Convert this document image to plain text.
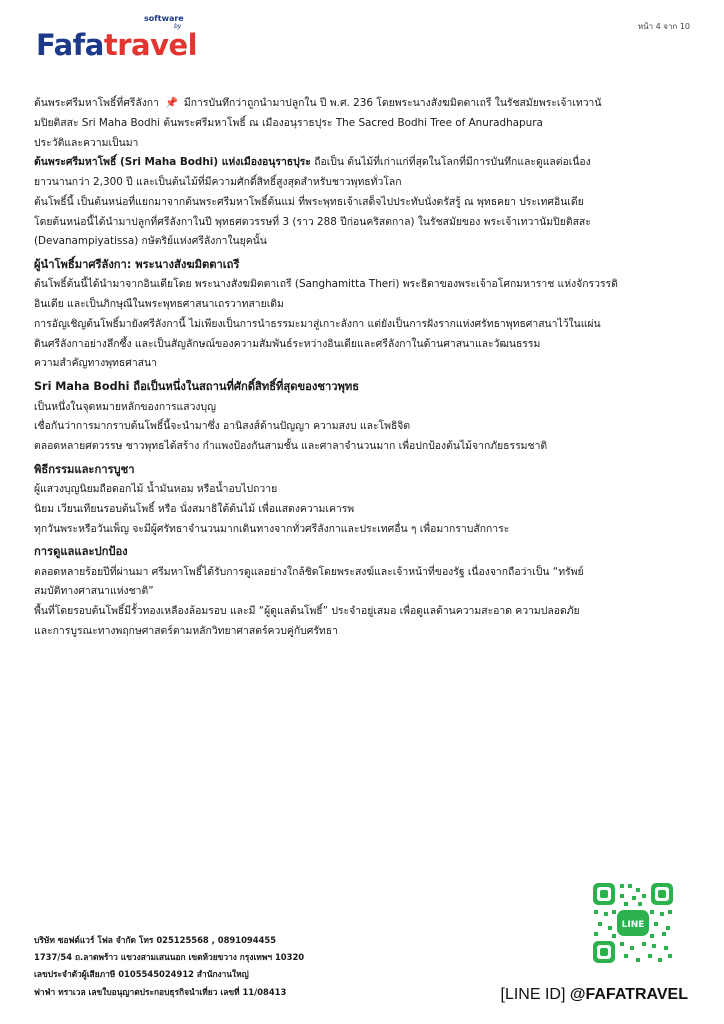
หน้า 4 จาก 10
software
by
Fafatravel

ต้นพระศรีมหาโพธิ์ที่ศรีลังกา 📌 มีการบันทึกว่าถูกนำมาปลูกใน ปี พ.ศ. 236 โดยพระนางสังฆมิตตาเถรี ในรัชสมัยพระเจ้าเทวานั

มปิยติสสะ Sri Maha Bodhi ต้นพระศรีมหาโพธิ์ ณ เมืองอนุราธปุระ The Sacred Bodhi Tree of Anuradhapura

ประวัติและความเป็นมา

ต้นพระศรีมหาโพธิ์ (Sri Maha Bodhi) แห่งเมืองอนุราธปุระ ถือเป็น ต้นไม้ที่เก่าแก่ที่สุดในโลกที่มีการบันทึกและดูแลต่อเนื่อง

ยาวนานกว่า 2,300 ปี และเป็นต้นไม้ที่มีความศักดิ์สิทธิ์สูงสุดสำหรับชาวพุทธทั่วโลก

ต้นโพธิ์นี้ เป็นต้นหน่อที่แยกมาจากต้นพระศรีมหาโพธิ์ต้นแม่ ที่พระพุทธเจ้าเสด็จไปประทับนั่งตรัสรู้ ณ พุทธคยา ประเทศอินเดีย

โดยต้นหน่อนี้ได้นำมาปลูกที่ศรีลังกาในปี พุทธศตวรรษที่ 3 (ราว 288 ปีก่อนคริสตกาล) ในรัชสมัยของ พระเจ้าเทวานัมปิยติสสะ

(Devanampiyatissa) กษัตริย์แห่งศรีลังกาในยุคนั้น

ผู้นำโพธิ์มาศรีลังกา: พระนางสังฆมิตตาเถรี

ต้นโพธิ์ต้นนี้ได้นำมาจากอินเดียโดย พระนางสังฆมิตตาเถรี (Sanghamitta Theri) พระธิดาของพระเจ้าอโศกมหาราช แห่งจักรวรรดิ

อินเดีย และเป็นภิกษุณีในพระพุทธศาสนาเถรวาทสายเดิม

การอัญเชิญต้นโพธิ์มายังศรีลังกานี้ ไม่เพียงเป็นการนำธรรมะมาสู่เกาะลังกา แต่ยังเป็นการฝังรากแห่งศรัทธาพุทธศาสนาไว้ในแผ่น

ดินศรีลังกาอย่างลึกซึ้ง และเป็นสัญลักษณ์ของความสัมพันธ์ระหว่างอินเดียและศรีลังกาในด้านศาสนาและวัฒนธรรม

ความสำคัญทางพุทธศาสนา

Sri Maha Bodhi ถือเป็นหนึ่งในสถานที่ศักดิ์สิทธิ์ที่สุดของชาวพุทธ

เป็นหนึ่งในจุดหมายหลักของการแสวงบุญ

เชื่อกันว่าการมากราบต้นโพธิ์นี้จะนำมาซึ่ง อานิสงส์ด้านปัญญา ความสงบ และโพธิจิต

ตลอดหลายศตวรรษ ชาวพุทธได้สร้าง กำแพงป้องกันสามชั้น และศาลาจำนวนมาก เพื่อปกป้องต้นไม้จากภัยธรรมชาติ

พิธีกรรมและการบูชา

ผู้แสวงบุญนิยมถือดอกไม้ น้ำมันหอม หรือน้ำอบไปถวาย

นิยม เวียนเทียนรอบต้นโพธิ์ หรือ นั่งสมาธิใต้ต้นไม้ เพื่อแสดงความเคารพ

ทุกวันพระหรือวันเพ็ญ จะมีผู้ศรัทธาจำนวนมากเดินทางจากทั่วศรีลังกาและประเทศอื่น ๆ เพื่อมากราบสักการะ

การดูแลและปกป้อง

ตลอดหลายร้อยปีที่ผ่านมา ศรีมหาโพธิ์ได้รับการดูแลอย่างใกล้ชิดโดยพระสงฆ์และเจ้าหน้าที่ของรัฐ เนื่องจากถือว่าเป็น “ทรัพย์

สมบัติทางศาสนาแห่งชาติ”

พื้นที่โดยรอบต้นโพธิ์มีรั้วทองเหลืองล้อมรอบ และมี “ผู้ดูแลต้นโพธิ์” ประจำอยู่เสมอ เพื่อดูแลด้านความสะอาด ความปลอดภัย

และการบูรณะทางพฤกษศาสตร์ตามหลักวิทยาศาสตร์ควบคู่กับศรัทธา

บริษัท ซอฟต์แวร์ โฟล จำกัด โทร 025125568 , 0891094455
1737/54 ถ.ลาดพร้าว แขวงสามเสนนอก เขตห้วยขวาง กรุงเทพฯ 10320
เลขประจำตัวผู้เสียภาษี 0105545024912 สำนักงานใหญ่
ฟาฟ่า ทราเวล เลขใบอนุญาตประกอบธุรกิจนำเที่ยว เลขที่ 11/08413
LINE
[LINE ID] @FAFATRAVEL
